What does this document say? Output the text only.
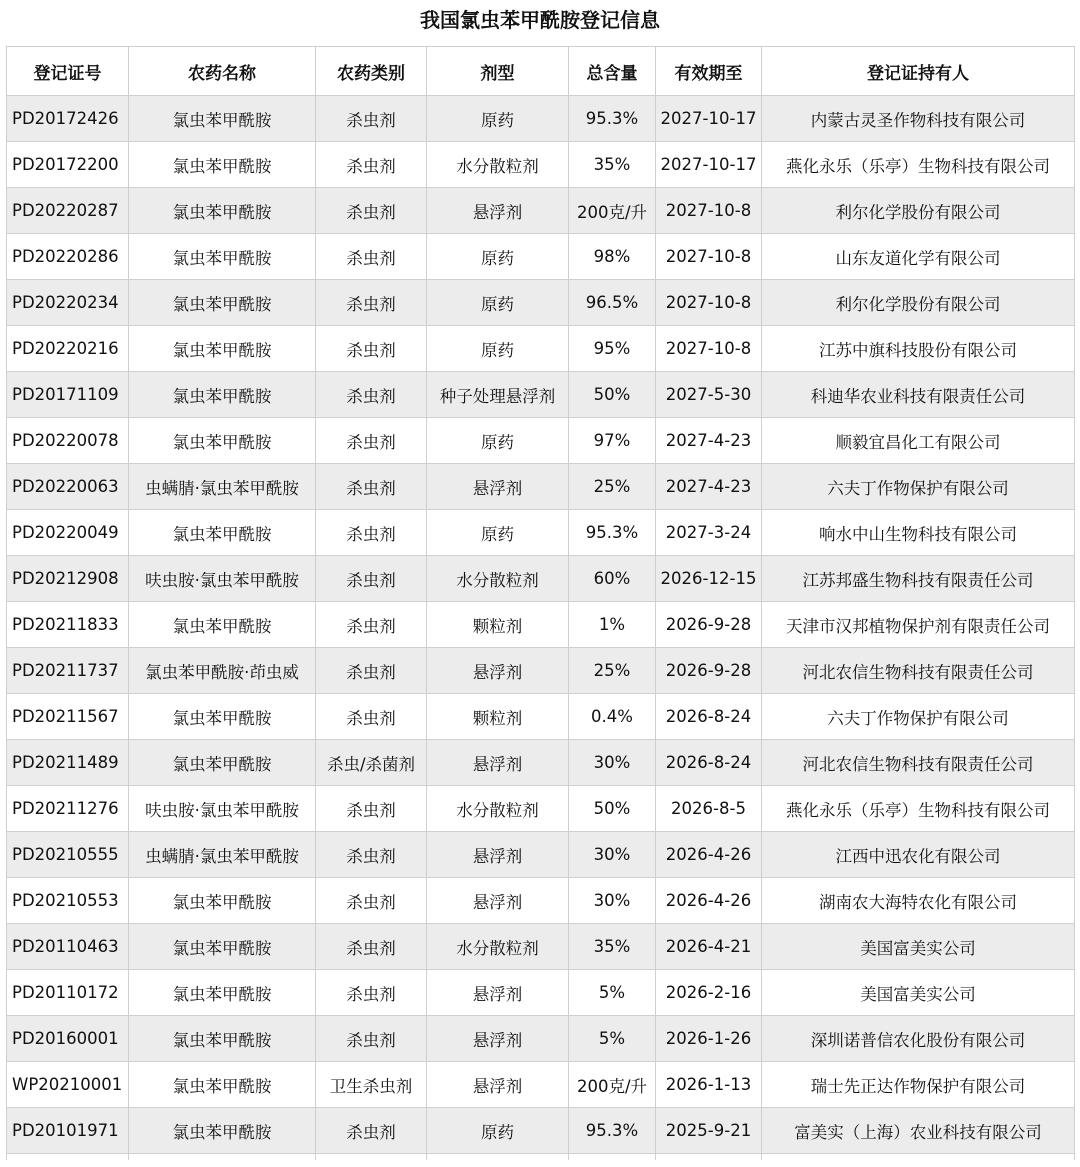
我国氯虫苯甲酰胺登记信息
登记证号	农药名称	农药类别	剂型	总含量	有效期至	登记证持有人
PD20172426	氯虫苯甲酰胺	杀虫剂	原药	95.3%	2027-10-17	内蒙古灵圣作物科技有限公司
PD20172200	氯虫苯甲酰胺	杀虫剂	水分散粒剂	35%	2027-10-17	燕化永乐（乐亭）生物科技有限公司
PD20220287	氯虫苯甲酰胺	杀虫剂	悬浮剂	200克/升	2027-10-8	利尔化学股份有限公司
PD20220286	氯虫苯甲酰胺	杀虫剂	原药	98%	2027-10-8	山东友道化学有限公司
PD20220234	氯虫苯甲酰胺	杀虫剂	原药	96.5%	2027-10-8	利尔化学股份有限公司
PD20220216	氯虫苯甲酰胺	杀虫剂	原药	95%	2027-10-8	江苏中旗科技股份有限公司
PD20171109	氯虫苯甲酰胺	杀虫剂	种子处理悬浮剂	50%	2027-5-30	科迪华农业科技有限责任公司
PD20220078	氯虫苯甲酰胺	杀虫剂	原药	97%	2027-4-23	顺毅宜昌化工有限公司
PD20220063	虫螨腈·氯虫苯甲酰胺	杀虫剂	悬浮剂	25%	2027-4-23	六夫丁作物保护有限公司
PD20220049	氯虫苯甲酰胺	杀虫剂	原药	95.3%	2027-3-24	响水中山生物科技有限公司
PD20212908	呋虫胺·氯虫苯甲酰胺	杀虫剂	水分散粒剂	60%	2026-12-15	江苏邦盛生物科技有限责任公司
PD20211833	氯虫苯甲酰胺	杀虫剂	颗粒剂	1%	2026-9-28	天津市汉邦植物保护剂有限责任公司
PD20211737	氯虫苯甲酰胺·茚虫威	杀虫剂	悬浮剂	25%	2026-9-28	河北农信生物科技有限责任公司
PD20211567	氯虫苯甲酰胺	杀虫剂	颗粒剂	0.4%	2026-8-24	六夫丁作物保护有限公司
PD20211489	氯虫苯甲酰胺	杀虫/杀菌剂	悬浮剂	30%	2026-8-24	河北农信生物科技有限责任公司
PD20211276	呋虫胺·氯虫苯甲酰胺	杀虫剂	水分散粒剂	50%	2026-8-5	燕化永乐（乐亭）生物科技有限公司
PD20210555	虫螨腈·氯虫苯甲酰胺	杀虫剂	悬浮剂	30%	2026-4-26	江西中迅农化有限公司
PD20210553	氯虫苯甲酰胺	杀虫剂	悬浮剂	30%	2026-4-26	湖南农大海特农化有限公司
PD20110463	氯虫苯甲酰胺	杀虫剂	水分散粒剂	35%	2026-4-21	美国富美实公司
PD20110172	氯虫苯甲酰胺	杀虫剂	悬浮剂	5%	2026-2-16	美国富美实公司
PD20160001	氯虫苯甲酰胺	杀虫剂	悬浮剂	5%	2026-1-26	深圳诺普信农化股份有限公司
WP20210001	氯虫苯甲酰胺	卫生杀虫剂	悬浮剂	200克/升	2026-1-13	瑞士先正达作物保护有限公司
PD20101971	氯虫苯甲酰胺	杀虫剂	原药	95.3%	2025-9-21	富美实（上海）农业科技有限公司
